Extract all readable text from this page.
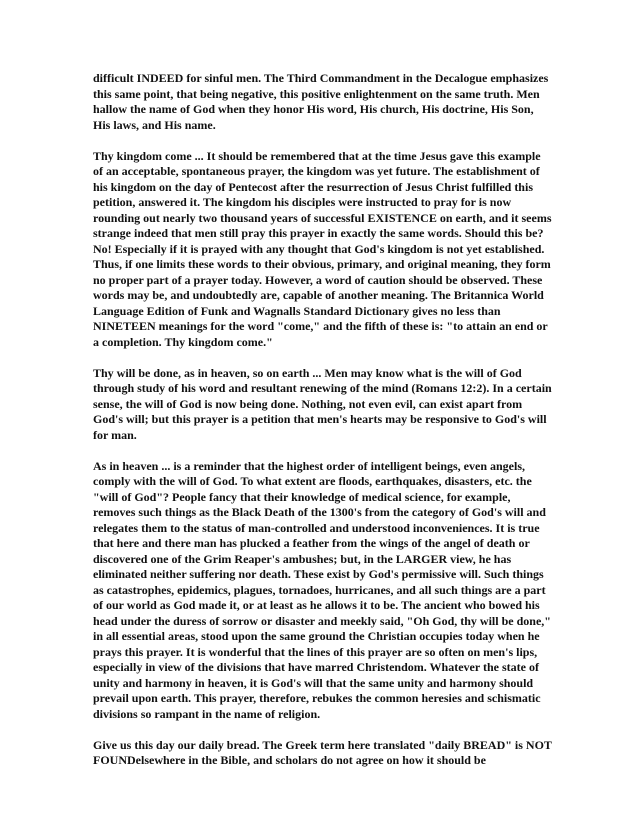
difficult INDEED for sinful men. The Third Commandment in the Decalogue emphasizes this same point, that being negative, this positive enlightenment on the same truth. Men hallow the name of God when they honor His word, His church, His doctrine, His Son, His laws, and His name.

Thy kingdom come ... It should be remembered that at the time Jesus gave this example of an acceptable, spontaneous prayer, the kingdom was yet future. The establishment of his kingdom on the day of Pentecost after the resurrection of Jesus Christ fulfilled this petition, answered it. The kingdom his disciples were instructed to pray for is now rounding out nearly two thousand years of successful EXISTENCE on earth, and it seems strange indeed that men still pray this prayer in exactly the same words. Should this be? No! Especially if it is prayed with any thought that God's kingdom is not yet established. Thus, if one limits these words to their obvious, primary, and original meaning, they form no proper part of a prayer today. However, a word of caution should be observed. These words may be, and undoubtedly are, capable of another meaning. The Britannica World Language Edition of Funk and Wagnalls Standard Dictionary gives no less than NINETEEN meanings for the word "come," and the fifth of these is: "to attain an end or a completion. Thy kingdom come."

Thy will be done, as in heaven, so on earth ... Men may know what is the will of God through study of his word and resultant renewing of the mind (Romans 12:2). In a certain sense, the will of God is now being done. Nothing, not even evil, can exist apart from God's will; but this prayer is a petition that men's hearts may be responsive to God's will for man.

As in heaven ... is a reminder that the highest order of intelligent beings, even angels, comply with the will of God. To what extent are floods, earthquakes, disasters, etc. the "will of God"? People fancy that their knowledge of medical science, for example, removes such things as the Black Death of the 1300's from the category of God's will and relegates them to the status of man-controlled and understood inconveniences. It is true that here and there man has plucked a feather from the wings of the angel of death or discovered one of the Grim Reaper's ambushes; but, in the LARGER view, he has eliminated neither suffering nor death. These exist by God's permissive will. Such things as catastrophes, epidemics, plagues, tornadoes, hurricanes, and all such things are a part of our world as God made it, or at least as he allows it to be. The ancient who bowed his head under the duress of sorrow or disaster and meekly said, "Oh God, thy will be done," in all essential areas, stood upon the same ground the Christian occupies today when he prays this prayer. It is wonderful that the lines of this prayer are so often on men's lips, especially in view of the divisions that have marred Christendom. Whatever the state of unity and harmony in heaven, it is God's will that the same unity and harmony should prevail upon earth. This prayer, therefore, rebukes the common heresies and schismatic divisions so rampant in the name of religion.

Give us this day our daily bread. The Greek term here translated "daily BREAD" is NOT FOUNDelsewhere in the Bible, and scholars do not agree on how it should be
